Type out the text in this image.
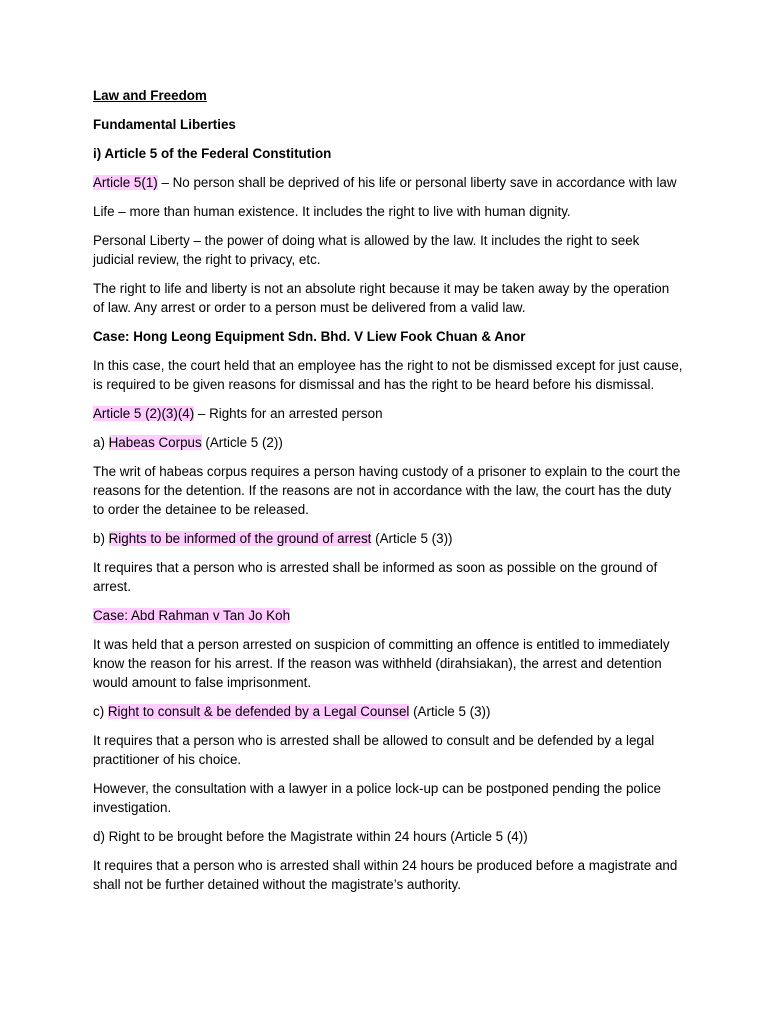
Law and Freedom

Fundamental Liberties

i) Article 5 of the Federal Constitution

Article 5(1) – No person shall be deprived of his life or personal liberty save in accordance with law

Life – more than human existence. It includes the right to live with human dignity.

Personal Liberty – the power of doing what is allowed by the law. It includes the right to seek judicial review, the right to privacy, etc.

The right to life and liberty is not an absolute right because it may be taken away by the operation of law. Any arrest or order to a person must be delivered from a valid law.

Case: Hong Leong Equipment Sdn. Bhd. V Liew Fook Chuan & Anor

In this case, the court held that an employee has the right to not be dismissed except for just cause, is required to be given reasons for dismissal and has the right to be heard before his dismissal.

Article 5 (2)(3)(4) – Rights for an arrested person

a) Habeas Corpus (Article 5 (2))

The writ of habeas corpus requires a person having custody of a prisoner to explain to the court the reasons for the detention. If the reasons are not in accordance with the law, the court has the duty to order the detainee to be released.

b) Rights to be informed of the ground of arrest (Article 5 (3))

It requires that a person who is arrested shall be informed as soon as possible on the ground of arrest.

Case: Abd Rahman v Tan Jo Koh

It was held that a person arrested on suspicion of committing an offence is entitled to immediately know the reason for his arrest. If the reason was withheld (dirahsiakan), the arrest and detention would amount to false imprisonment.

c) Right to consult & be defended by a Legal Counsel (Article 5 (3))

It requires that a person who is arrested shall be allowed to consult and be defended by a legal practitioner of his choice.

However, the consultation with a lawyer in a police lock-up can be postponed pending the police investigation.

d) Right to be brought before the Magistrate within 24 hours (Article 5 (4))

It requires that a person who is arrested shall within 24 hours be produced before a magistrate and shall not be further detained without the magistrate’s authority.
